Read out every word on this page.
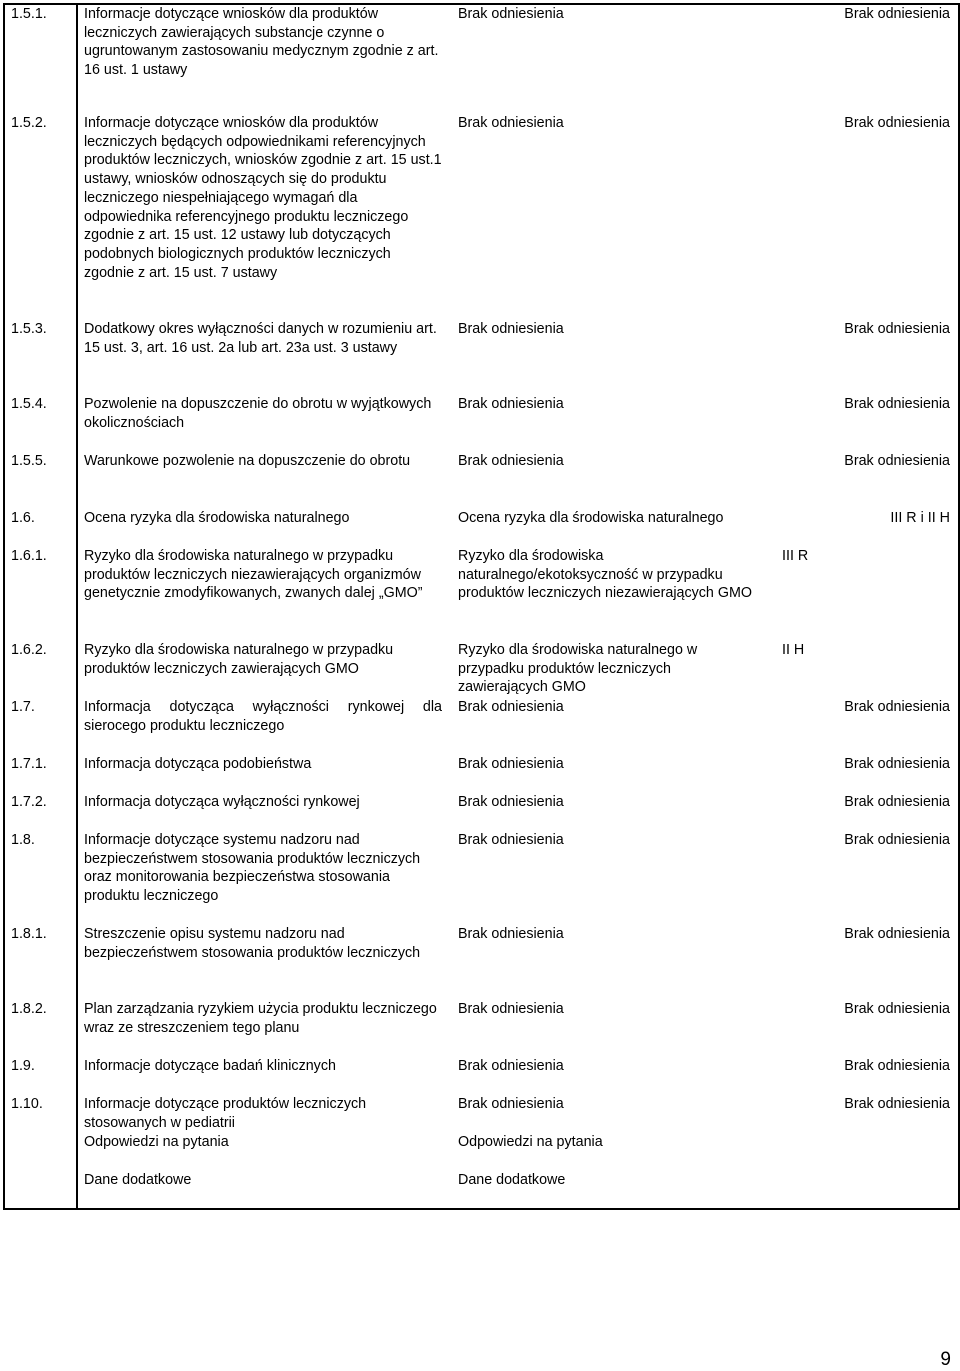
1.5.1.	Informacje dotyczące wniosków dla produktów leczniczych zawierających substancje czynne o ugruntowanym zastosowaniu medycznym zgodnie z art. 16 ust. 1 ustawy	Brak odniesienia	Brak odniesienia
1.5.2.	Informacje dotyczące wniosków dla produktów leczniczych będących odpowiednikami referencyjnych produktów leczniczych, wniosków zgodnie z art. 15 ust.1 ustawy, wniosków odnoszących się do produktu leczniczego niespełniającego wymagań dla odpowiednika referencyjnego produktu leczniczego zgodnie z art. 15 ust. 12 ustawy lub dotyczących podobnych biologicznych produktów leczniczych zgodnie z art. 15 ust. 7 ustawy	Brak odniesienia	Brak odniesienia
1.5.3.	Dodatkowy okres wyłączności danych w rozumieniu art. 15 ust. 3, art. 16 ust. 2a lub art. 23a ust. 3 ustawy	Brak odniesienia	Brak odniesienia
1.5.4.	Pozwolenie na dopuszczenie do obrotu w wyjątkowych okolicznościach	Brak odniesienia	Brak odniesienia
1.5.5.	Warunkowe pozwolenie na dopuszczenie do obrotu	Brak odniesienia	Brak odniesienia
1.6.	Ocena ryzyka dla środowiska naturalnego	Ocena ryzyka dla środowiska naturalnego	III R i II H
1.6.1.	Ryzyko dla środowiska naturalnego w przypadku produktów leczniczych niezawierających organizmów genetycznie zmodyfikowanych, zwanych dalej „GMO”	Ryzyko dla środowiska naturalnego/ekotoksyczność w przypadku produktów leczniczych niezawierających GMO	III R
1.6.2.	Ryzyko dla środowiska naturalnego w przypadku produktów leczniczych zawierających GMO	Ryzyko dla środowiska naturalnego w przypadku produktów leczniczych zawierających GMO	II H
1.7.	Informacja dotycząca wyłączności rynkowej dla sierocego produktu leczniczego	Brak odniesienia	Brak odniesienia
1.7.1.	Informacja dotycząca podobieństwa	Brak odniesienia	Brak odniesienia
1.7.2.	Informacja dotycząca wyłączności rynkowej	Brak odniesienia	Brak odniesienia
1.8.	Informacje dotyczące systemu nadzoru nad bezpieczeństwem stosowania produktów leczniczych oraz monitorowania bezpieczeństwa stosowania produktu leczniczego	Brak odniesienia	Brak odniesienia
1.8.1.	Streszczenie opisu systemu nadzoru nad bezpieczeństwem stosowania produktów leczniczych	Brak odniesienia	Brak odniesienia
1.8.2.	Plan zarządzania ryzykiem użycia produktu leczniczego wraz ze streszczeniem tego planu	Brak odniesienia	Brak odniesienia
1.9.	Informacje dotyczące badań klinicznych	Brak odniesienia	Brak odniesienia
1.10.	Informacje dotyczące produktów leczniczych stosowanych w pediatrii	Brak odniesienia	Brak odniesienia
	Odpowiedzi na pytania	Odpowiedzi na pytania	
	Dane dodatkowe	Dane dodatkowe	
9
